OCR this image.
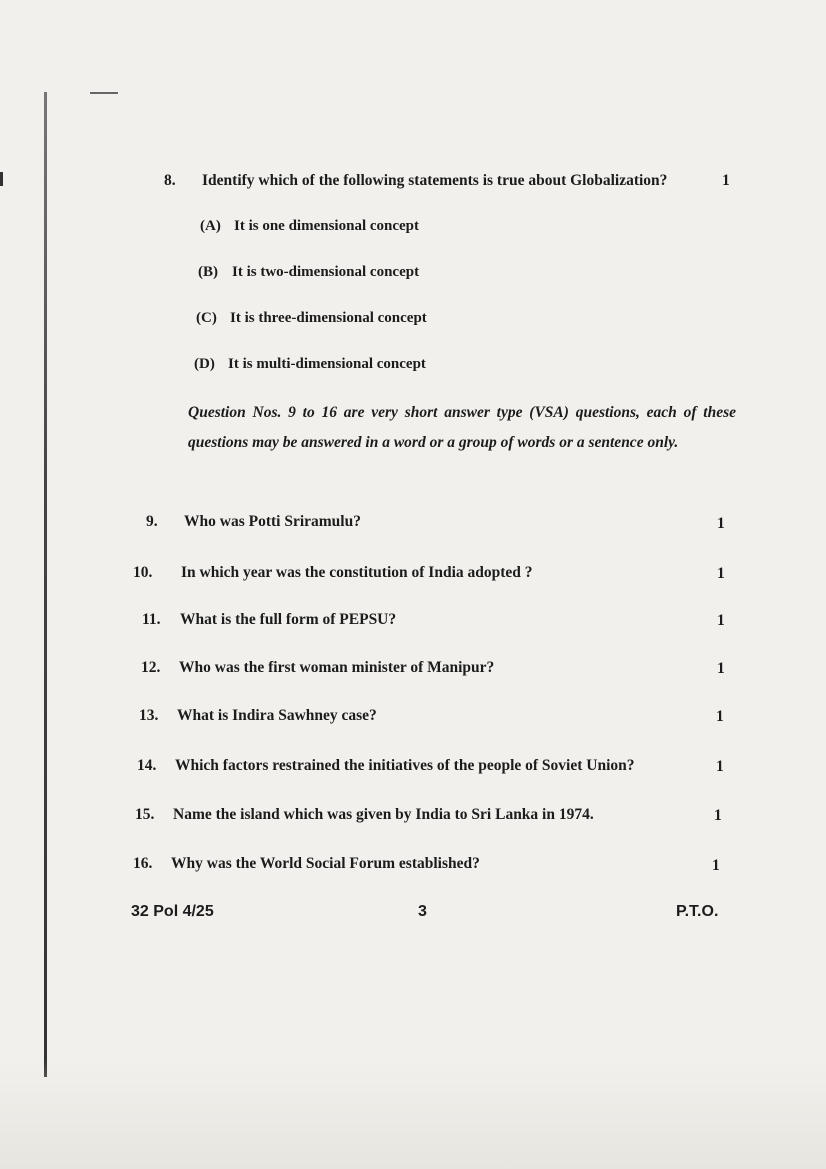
8. Identify which of the following statements is true about Globalization?	1
(A) It is one dimensional concept
(B) It is two-dimensional concept
(C) It is three-dimensional concept
(D) It is multi-dimensional concept
Question Nos. 9 to 16 are very short answer type (VSA) questions, each of these questions may be answered in a word or a group of words or a sentence only.
9. Who was Potti Sriramulu?	1
10. In which year was the constitution of India adopted ?	1
11. What is the full form of PEPSU?	1
12. Who was the first woman minister of Manipur?	1
13. What is Indira Sawhney case?	1
14. Which factors restrained the initiatives of the people of Soviet Union?	1
15. Name the island which was given by India to Sri Lanka in 1974.	1
16. Why was the World Social Forum established?	1
32 Pol 4/25	3	P.T.O.
